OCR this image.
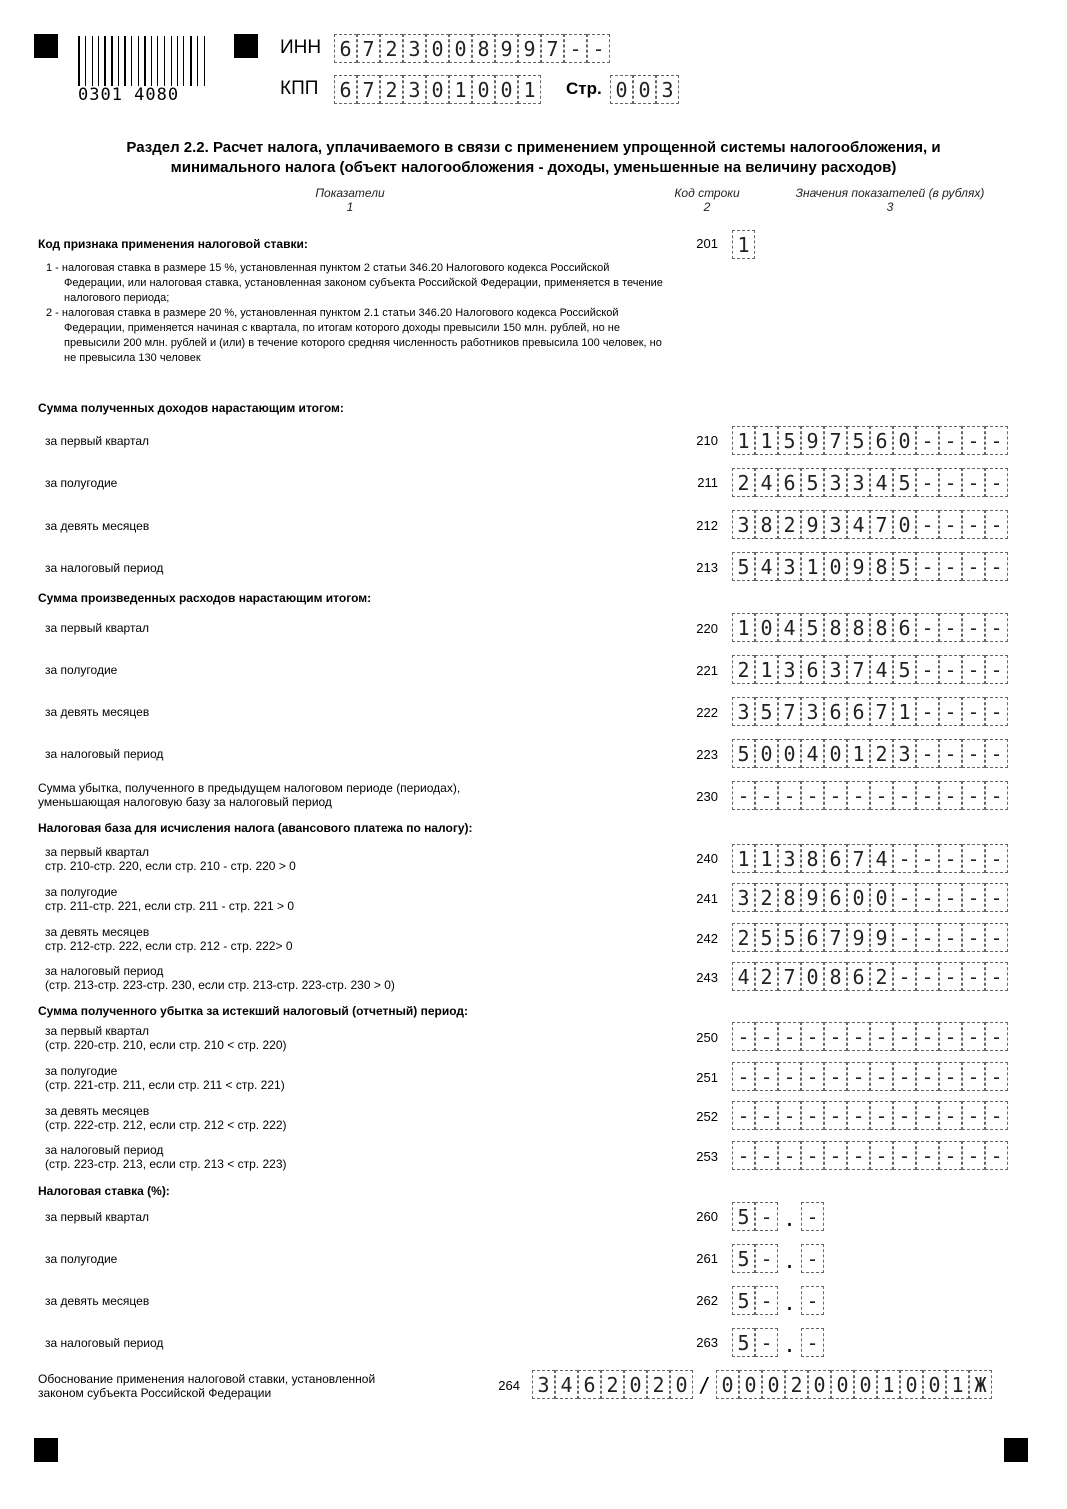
0301 4080
ИНН 6 7 2 3 0 0 8 9 9 7 - -
КПП 6 7 2 3 0 1 0 0 1	Стр. 0 0 3
Раздел 2.2. Расчет налога, уплачиваемого в связи с применением упрощенной системы налогообложения, и
минимального налога (объект налогообложения - доходы, уменьшенные на величину расходов)
Показатели
1
Код строки
2
Значения показателей (в рублях)
3
Код признака применения налоговой ставки:	201 1

1 - налоговая ставка в размере 15 %, установленная пунктом 2 статьи 346.20 Налогового кодекса Российской Федерации, или налоговая ставка, установленная законом субъекта Российской Федерации, применяется в течение налогового периода;

2 - налоговая ставка в размере 20 %, установленная пунктом 2.1 статьи 346.20 Налогового кодекса Российской Федерации, применяется начиная с квартала, по итогам которого доходы превысили 150 млн. рублей, но не превысили 200 млн. рублей и (или) в течение которого средняя численность работников превысила 100 человек, но не превысила 130 человек

Сумма полученных доходов нарастающим итогом:
за первый квартал	210 1 1 5 9 7 5 6 0 - - - -
за полугодие	211 2 4 6 5 3 3 4 5 - - - -
за девять месяцев	212 3 8 2 9 3 4 7 0 - - - -
за налоговый период	213 5 4 3 1 0 9 8 5 - - - -
Сумма произведенных расходов нарастающим итогом:
за первый квартал	220 1 0 4 5 8 8 8 6 - - - -
за полугодие	221 2 1 3 6 3 7 4 5 - - - -
за девять месяцев	222 3 5 7 3 6 6 7 1 - - - -
за налоговый период	223 5 0 0 4 0 1 2 3 - - - -
Сумма убытка, полученного в предыдущем налоговом периоде (периодах),
уменьшающая налоговую базу за налоговый период	230 - - - - - - - - - - - -
Налоговая база для исчисления налога (авансового платежа по налогу):
за первый квартал
стр. 210-стр. 220, если стр. 210 - стр. 220 > 0	240 1 1 3 8 6 7 4 - - - - -
за полугодие
стр. 211-стр. 221, если стр. 211 - стр. 221 > 0	241 3 2 8 9 6 0 0 - - - - -
за девять месяцев
стр. 212-стр. 222, если стр. 212 - стр. 222> 0	242 2 5 5 6 7 9 9 - - - - -
за налоговый период
(стр. 213-стр. 223-стр. 230, если стр. 213-стр. 223-стр. 230 > 0)	243 4 2 7 0 8 6 2 - - - - -
Сумма полученного убытка за истекший налоговый (отчетный) период:
за первый квартал
(стр. 220-стр. 210, если стр. 210 < стр. 220)	250 - - - - - - - - - - - -
за полугодие
(стр. 221-стр. 211, если стр. 211 < стр. 221)	251 - - - - - - - - - - - -
за девять месяцев
(стр. 222-стр. 212, если стр. 212 < стр. 222)
252 - - - - - - - - - - - -
за налоговый период
(стр. 223-стр. 213, если стр. 213 < стр. 223)	253 - - - - - - - - - - - -
Налоговая ставка (%):
за первый квартал	260 5 - . -
за полугодие	261 5 - . -
за девять месяцев	262 5 - . -
за налоговый период	263 5 - . -
Обоснование применения налоговой ставки, установленной
законом субъекта Российской Федерации	264 3 4 6 2 0 2 0 / 0 0 0 2 0 0 0 1 0 0 1 Ж
